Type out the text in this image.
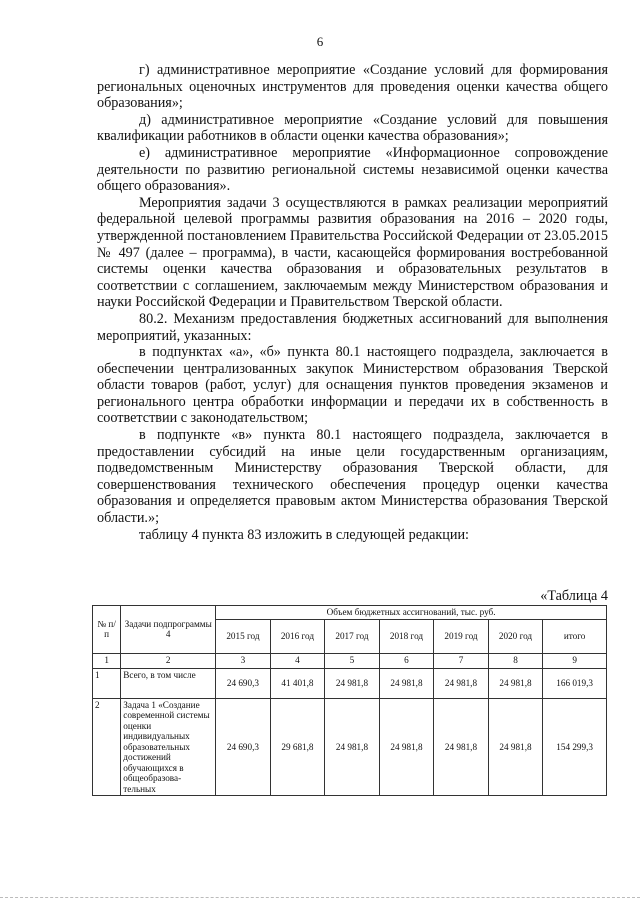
6

г) административное мероприятие «Создание условий для формирования региональных оценочных инструментов для проведения оценки качества общего образования»;

д) административное мероприятие «Создание условий для повышения квалификации работников в области оценки качества образования»;

е) административное мероприятие «Информационное сопровождение деятельности по развитию региональной системы независимой оценки качества общего образования».

Мероприятия задачи 3 осуществляются в рамках реализации мероприятий федеральной целевой программы развития образования на 2016 – 2020 годы, утвержденной постановлением Правительства Российской Федерации от 23.05.2015 № 497 (далее – программа), в части, касающейся формирования востребованной системы оценки качества образования и образовательных результатов в соответствии с соглашением, заключаемым между Министерством образования и науки Российской Федерации и Правительством Тверской области.

80.2. Механизм предоставления бюджетных ассигнований для выполнения мероприятий, указанных:

в подпунктах «а», «б» пункта 80.1 настоящего подраздела, заключается в обеспечении централизованных закупок Министерством образования Тверской области товаров (работ, услуг) для оснащения пунктов проведения экзаменов и регионального центра обработки информации и передачи их в собственность в соответствии с законодательством;

в подпункте «в» пункта 80.1 настоящего подраздела, заключается в предоставлении субсидий на иные цели государственным организациям, подведомственным Министерству образования Тверской области, для совершенствования технического обеспечения процедур оценки качества образования и определяется правовым актом Министерства образования Тверской области.»;

таблицу 4 пункта 83 изложить в следующей редакции:

«Таблица 4
№ п/п	Задачи подпрограммы 4	Объем бюджетных ассигнований, тыс. руб.						
		2015 год	2016 год	2017 год	2018 год	2019 год	2020 год	итого
1	2	3	4	5	6	7	8	9
1	Всего, в том числе	24 690,3	41 401,8	24 981,8	24 981,8	24 981,8	24 981,8	166 019,3
2	Задача 1 «Создание современной системы оценки индивидуальных образовательных достижений обучающихся в общеобразова-тельных	24 690,3	29 681,8	24 981,8	24 981,8	24 981,8	24 981,8	154 299,3
